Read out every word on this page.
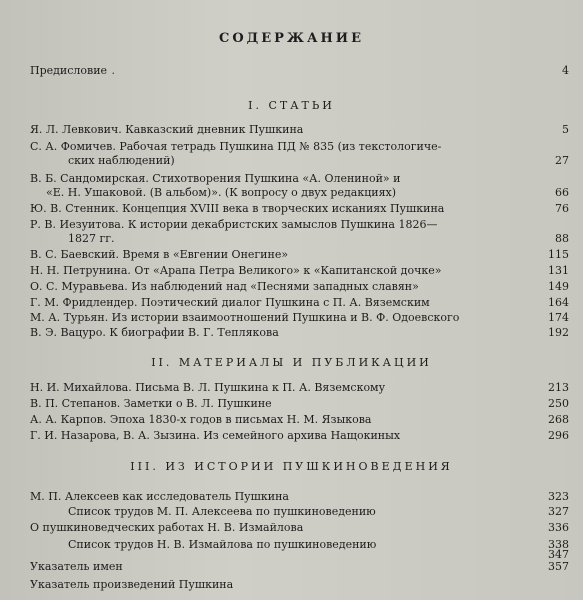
СОДЕРЖАНИЕ
Предисловие .	4
I. СТАТЬИ
Я. Л. Левкович. Кавказский дневник Пушкина	5
С. А. Фомичев. Рабочая тетрадь Пушкина ПД № 835 (из текстологиче-
ских наблюдений)	27
В. Б. Сандомирская. Стихотворения Пушкина «А. Олениной» и
«Е. Н. Ушаковой. (В альбом)». (К вопросу о двух редакциях)	66
Ю. В. Стенник. Концепция XVIII века в творческих исканиях Пушкина	76
Р. В. Иезуитова. К истории декабристских замыслов Пушкина 1826—
1827 гг.	88
В. С. Баевский. Время в «Евгении Онегине»	115
Н. Н. Петрунина. От «Арапа Петра Великого» к «Капитанской дочке»	131
О. С. Муравьева. Из наблюдений над «Песнями западных славян»	149
Г. М. Фридлендер. Поэтический диалог Пушкина с П. А. Вяземским	164
М. А. Турьян. Из истории взаимоотношений Пушкина и В. Ф. Одоевского	174
В. Э. Вацуро. К биографии В. Г. Теплякова	192
II. МАТЕРИАЛЫ И ПУБЛИКАЦИИ
Н. И. Михайлова. Письма В. Л. Пушкина к П. А. Вяземскому	213
В. П. Степанов. Заметки о В. Л. Пушкине	250
А. А. Карпов. Эпоха 1830-х годов в письмах Н. М. Языкова	268
Г. И. Назарова, В. А. Зызина. Из семейного архива Нащокиных	296
III. ИЗ ИСТОРИИ ПУШКИНОВЕДЕНИЯ
М. П. Алексеев как исследователь Пушкина	323
Список трудов М. П. Алексеева по пушкиноведению	327
О пушкиноведческих работах Н. В. Измайлова	336
Список трудов Н. В. Измайлова по пушкиноведению	338
347
Указатель имен	357
Указатель произведений Пушкина
